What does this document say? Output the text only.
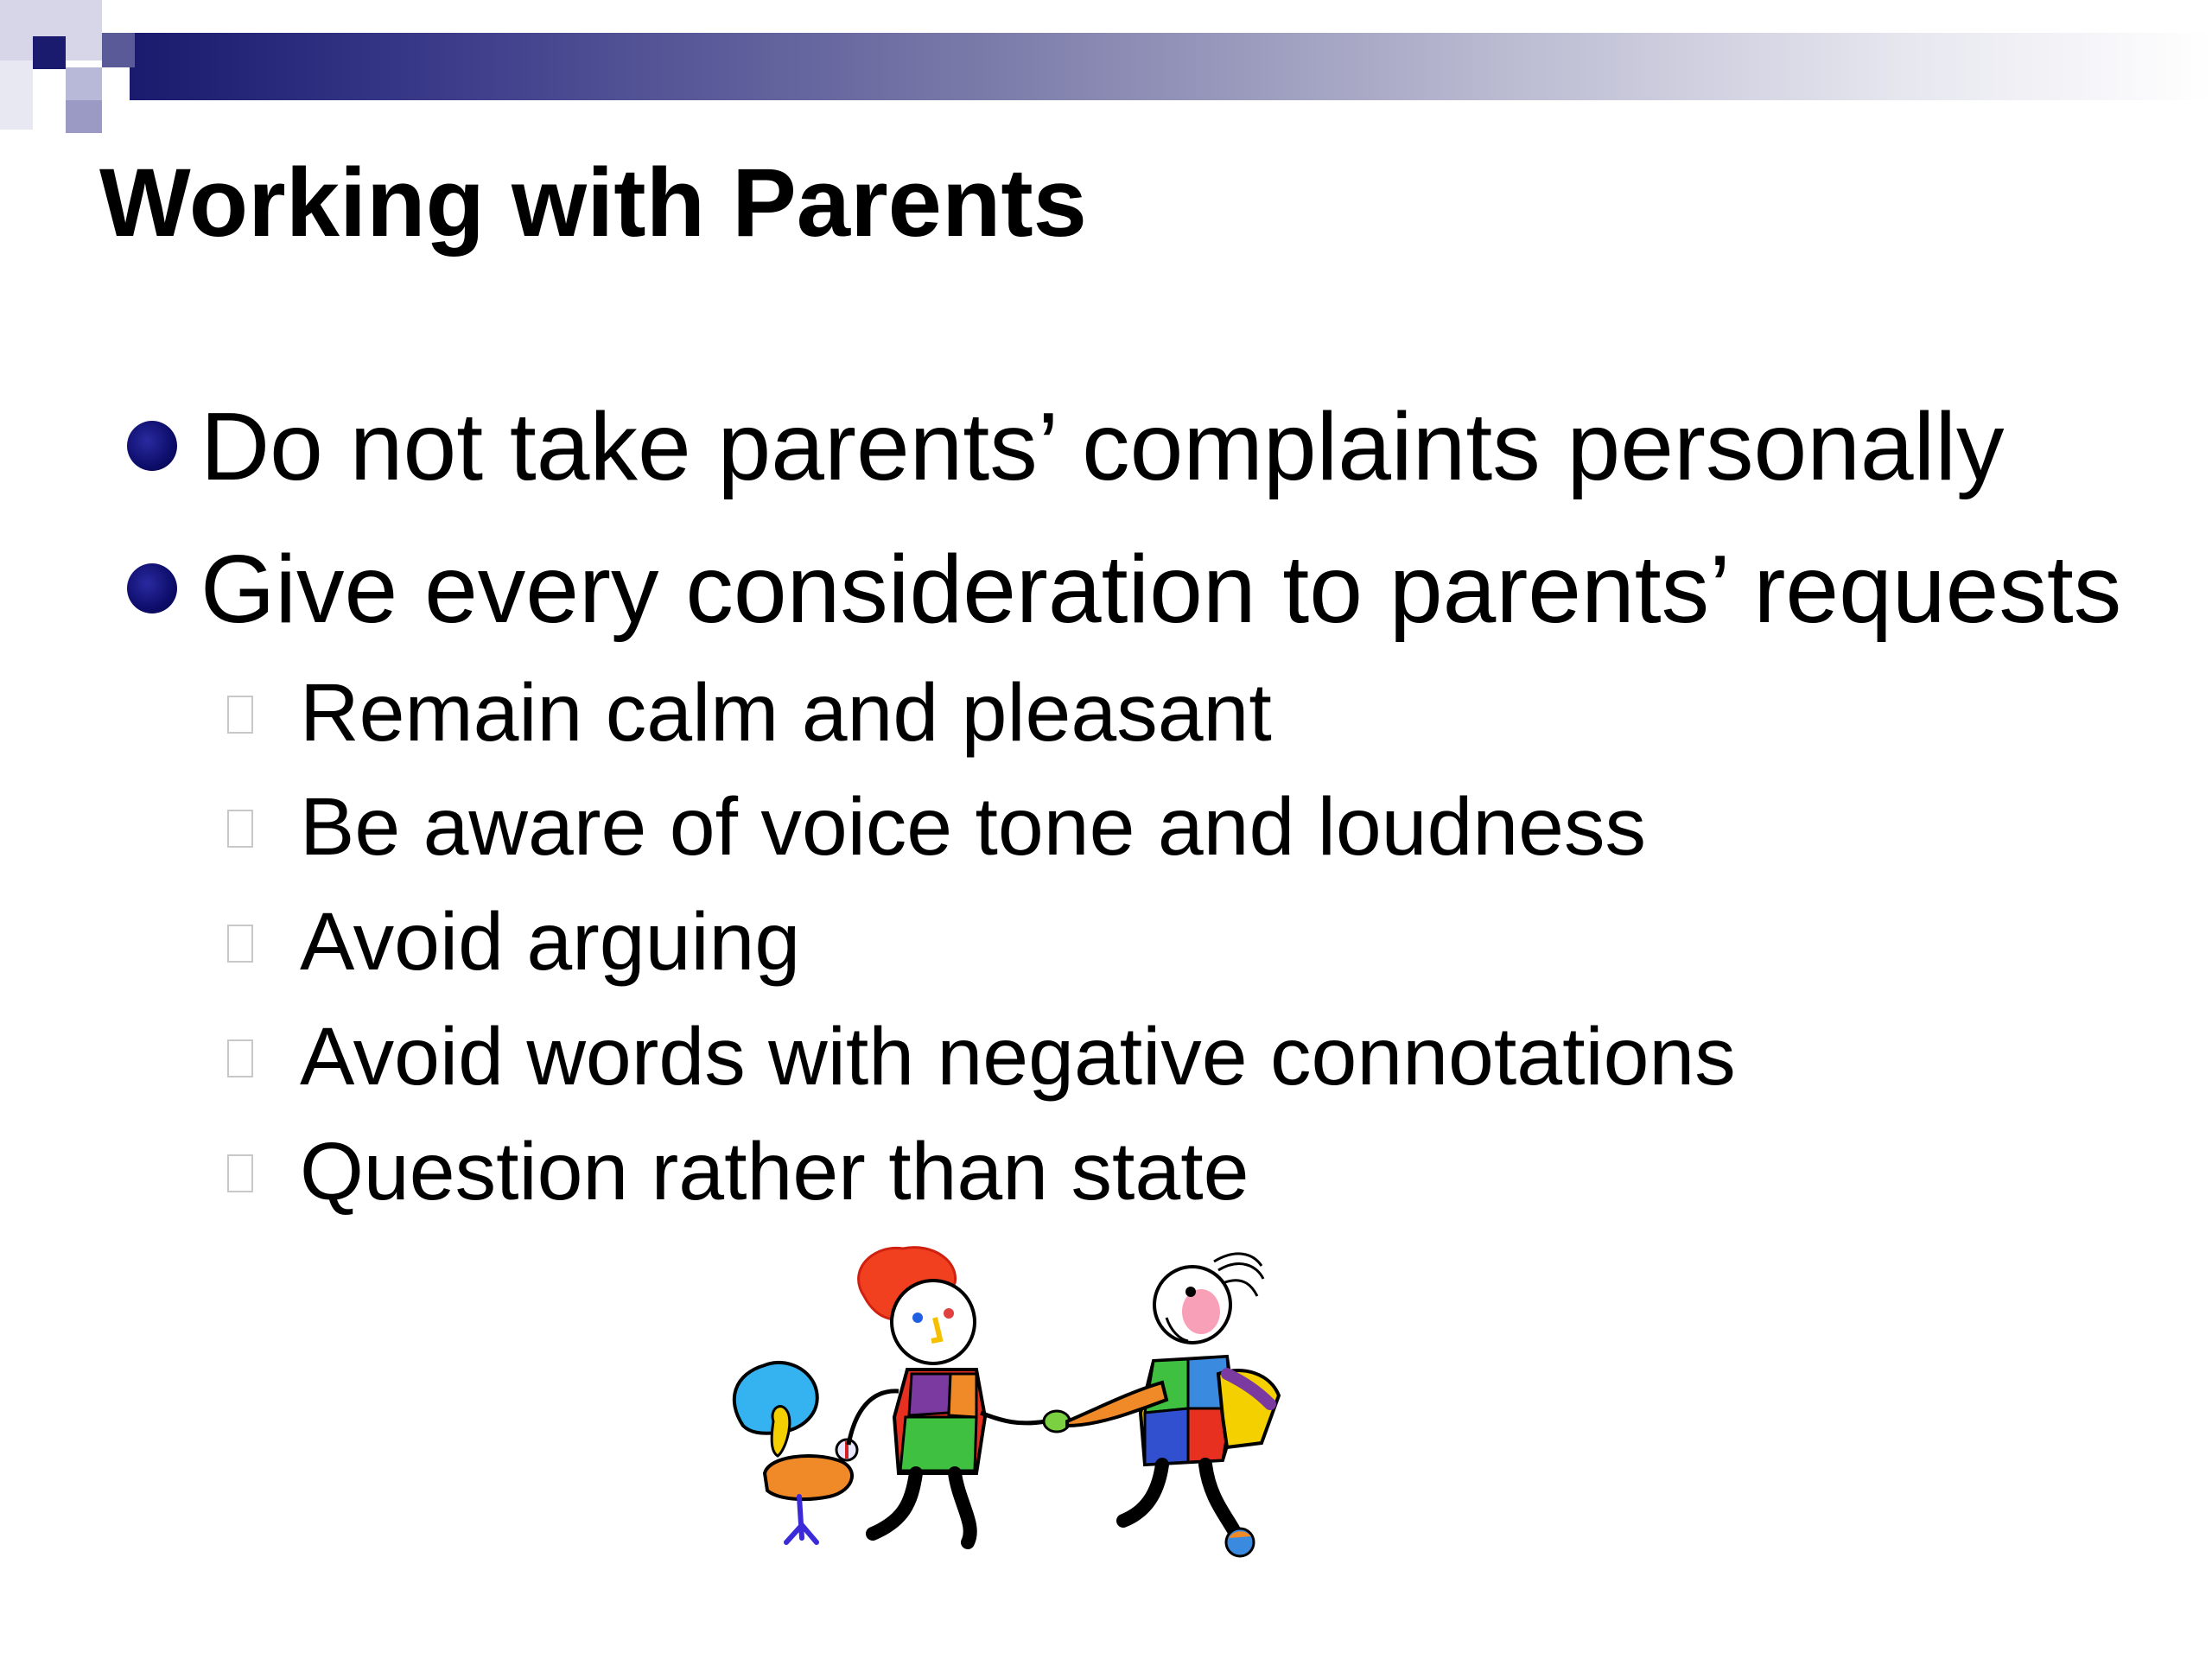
Working with Parents
Do not take parents’ complaints personally
Give every consideration to parents’ requests
Remain calm and pleasant
Be aware of voice tone and loudness
Avoid arguing
Avoid words with negative connotations
Question rather than state
